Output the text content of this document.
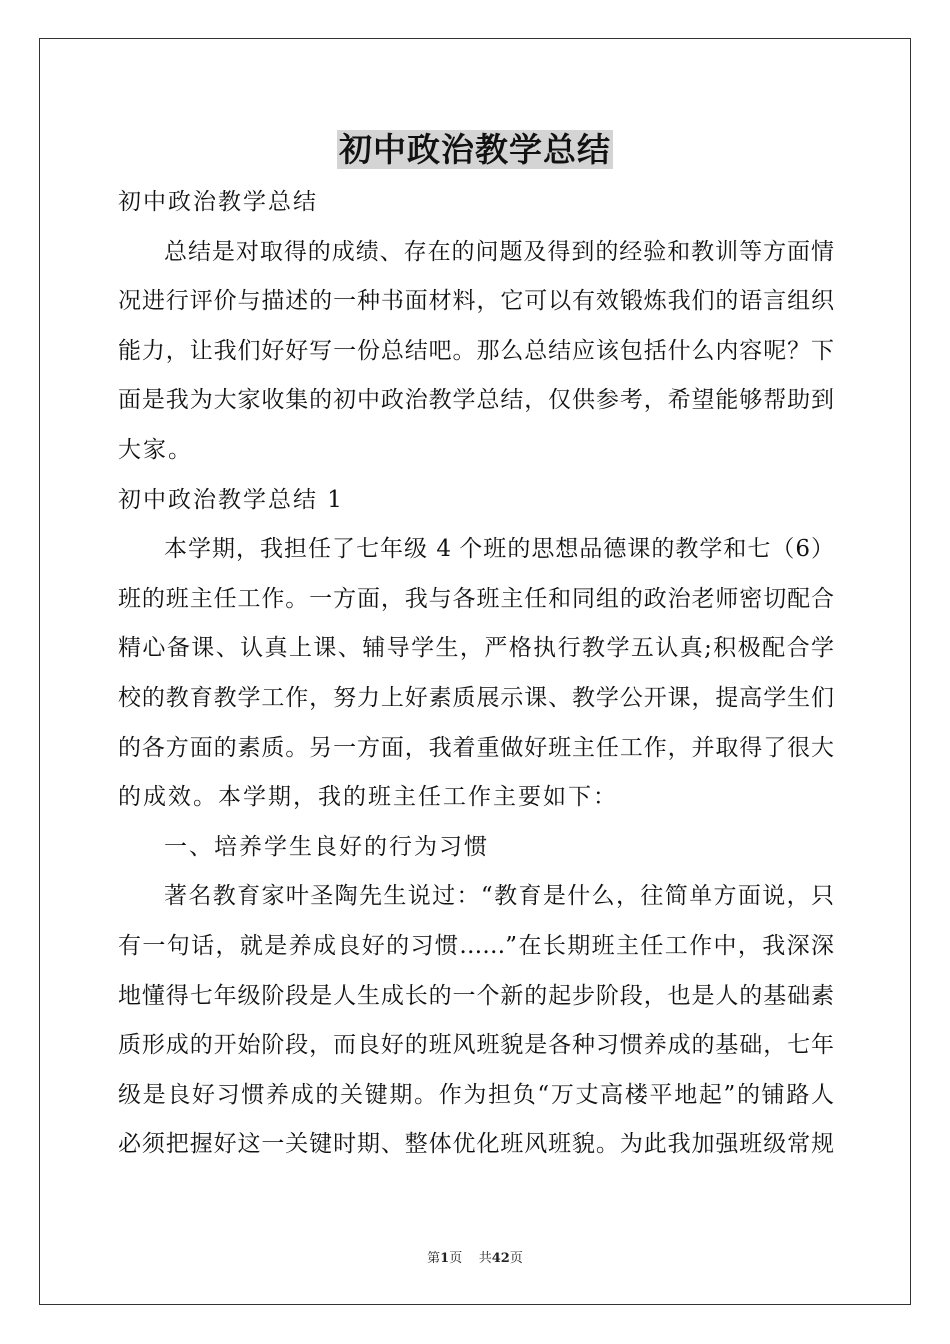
初中政治教学总结
初中政治教学总结
总结是对取得的成绩、存在的问题及得到的经验和教训等方面情
况进行评价与描述的一种书面材料，它可以有效锻炼我们的语言组织
能力，让我们好好写一份总结吧。那么总结应该包括什么内容呢？下
面是我为大家收集的初中政治教学总结，仅供参考，希望能够帮助到
大家。
初中政治教学总结 1
本学期，我担任了七年级 4 个班的思想品德课的教学和七（6）
班的班主任工作。一方面，我与各班主任和同组的政治老师密切配合
精心备课、认真上课、辅导学生，严格执行教学五认真;积极配合学
校的教育教学工作，努力上好素质展示课、教学公开课，提高学生们
的各方面的素质。另一方面，我着重做好班主任工作，并取得了很大
的成效。本学期，我的班主任工作主要如下：
一、培养学生良好的行为习惯
著名教育家叶圣陶先生说过：“教育是什么，往简单方面说，只
有一句话，就是养成良好的习惯……”在长期班主任工作中，我深深
地懂得七年级阶段是人生成长的一个新的起步阶段，也是人的基础素
质形成的开始阶段，而良好的班风班貌是各种习惯养成的基础，七年
级是良好习惯养成的关键期。作为担负“万丈高楼平地起”的铺路人
必须把握好这一关键时期、整体优化班风班貌。为此我加强班级常规
第1页 共42页
